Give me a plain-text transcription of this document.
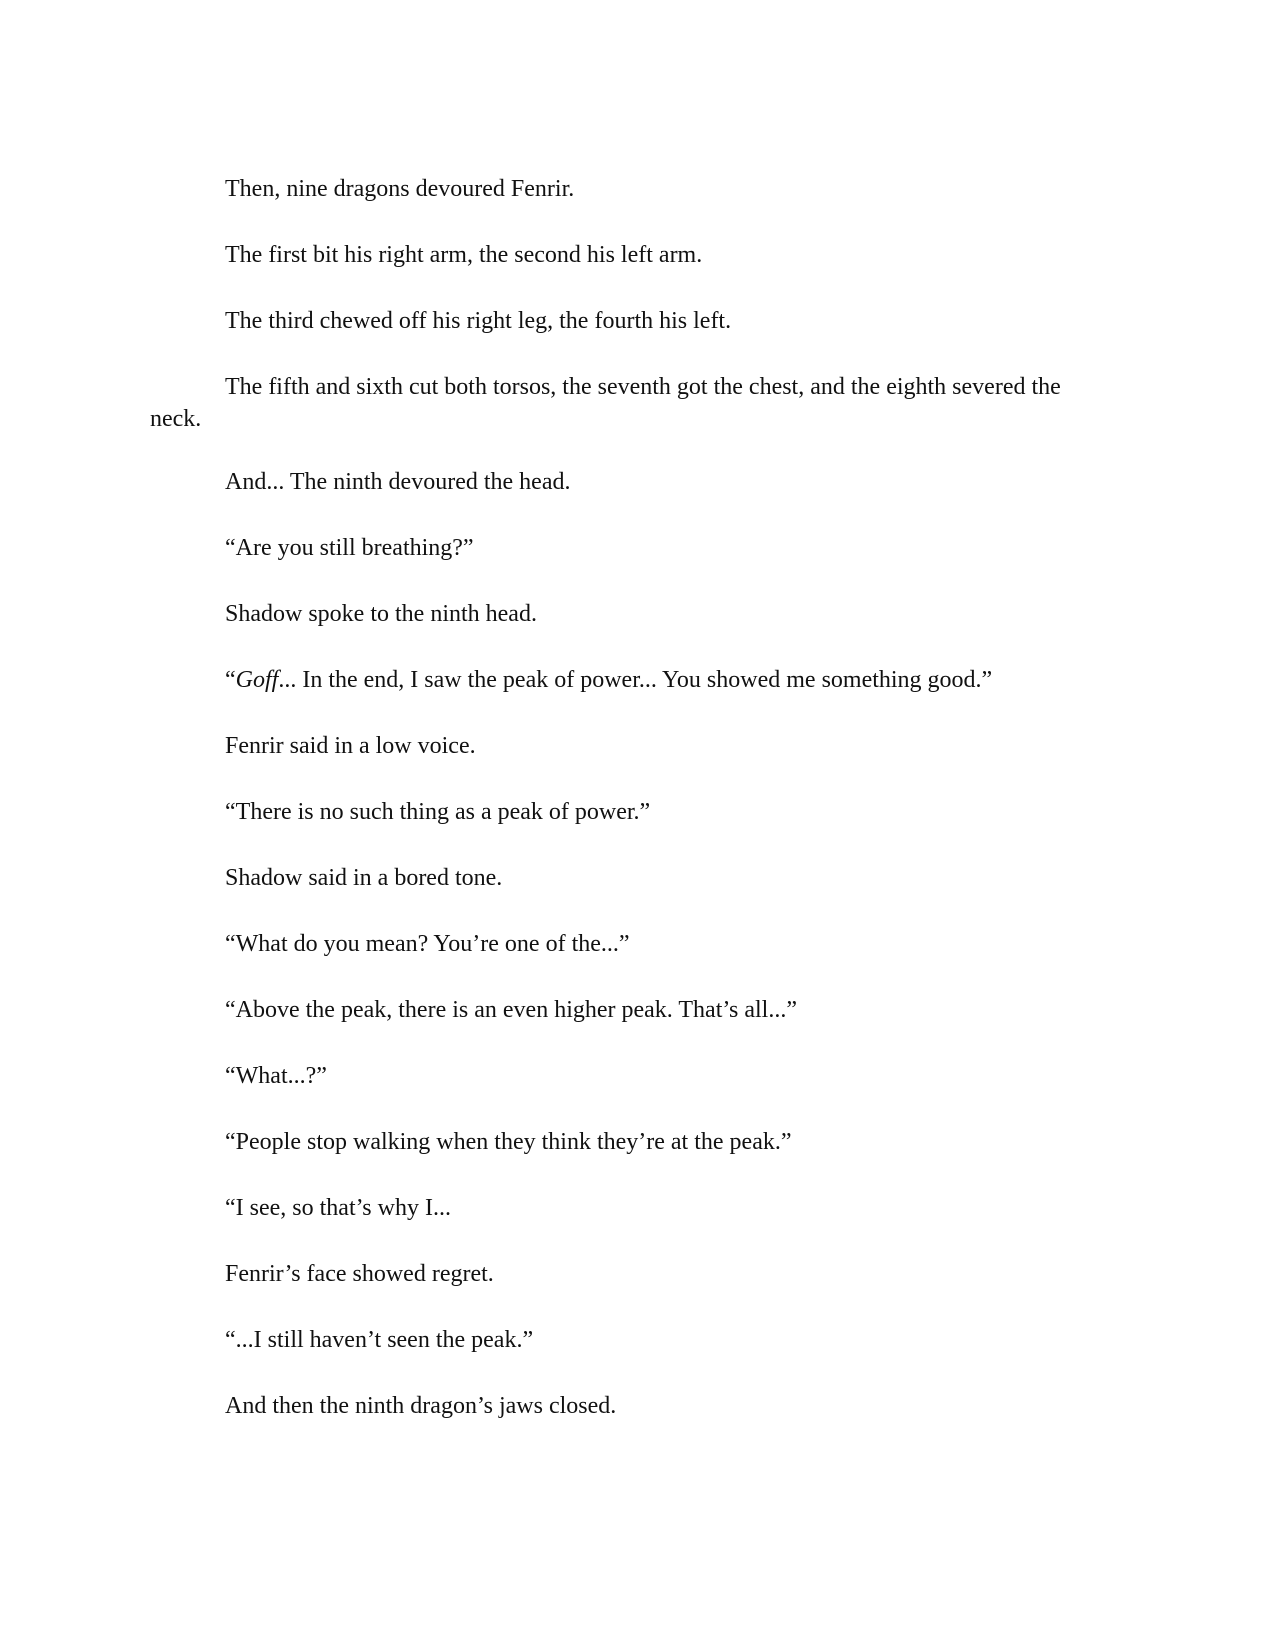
Then, nine dragons devoured Fenrir.

The first bit his right arm, the second his left arm.

The third chewed off his right leg, the fourth his left.

The fifth and sixth cut both torsos, the seventh got the chest, and the eighth severed the neck.

And... The ninth devoured the head.

“Are you still breathing?”

Shadow spoke to the ninth head.

“Goff... In the end, I saw the peak of power... You showed me something good.”

Fenrir said in a low voice.

“There is no such thing as a peak of power.”

Shadow said in a bored tone.

“What do you mean? You’re one of the...”

“Above the peak, there is an even higher peak. That’s all...”

“What...?”

“People stop walking when they think they’re at the peak.”

“I see, so that’s why I...

Fenrir’s face showed regret.

“...I still haven’t seen the peak.”

And then the ninth dragon’s jaws closed.
